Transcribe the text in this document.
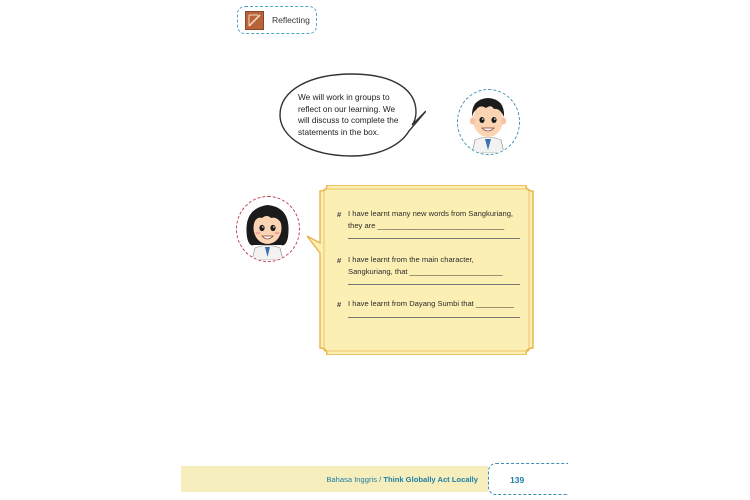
Reflecting
We will work in groups to
reflect on our learning. We
will discuss to complete the
statements in the box.
# I have learnt many new words from Sangkuriang,
they are ______________________________
# I have learnt from the main character,
Sangkuriang, that ______________________
# I have learnt from Dayang Sumbi that _________
Bahasa Inggris / Think Globally Act Locally	139
